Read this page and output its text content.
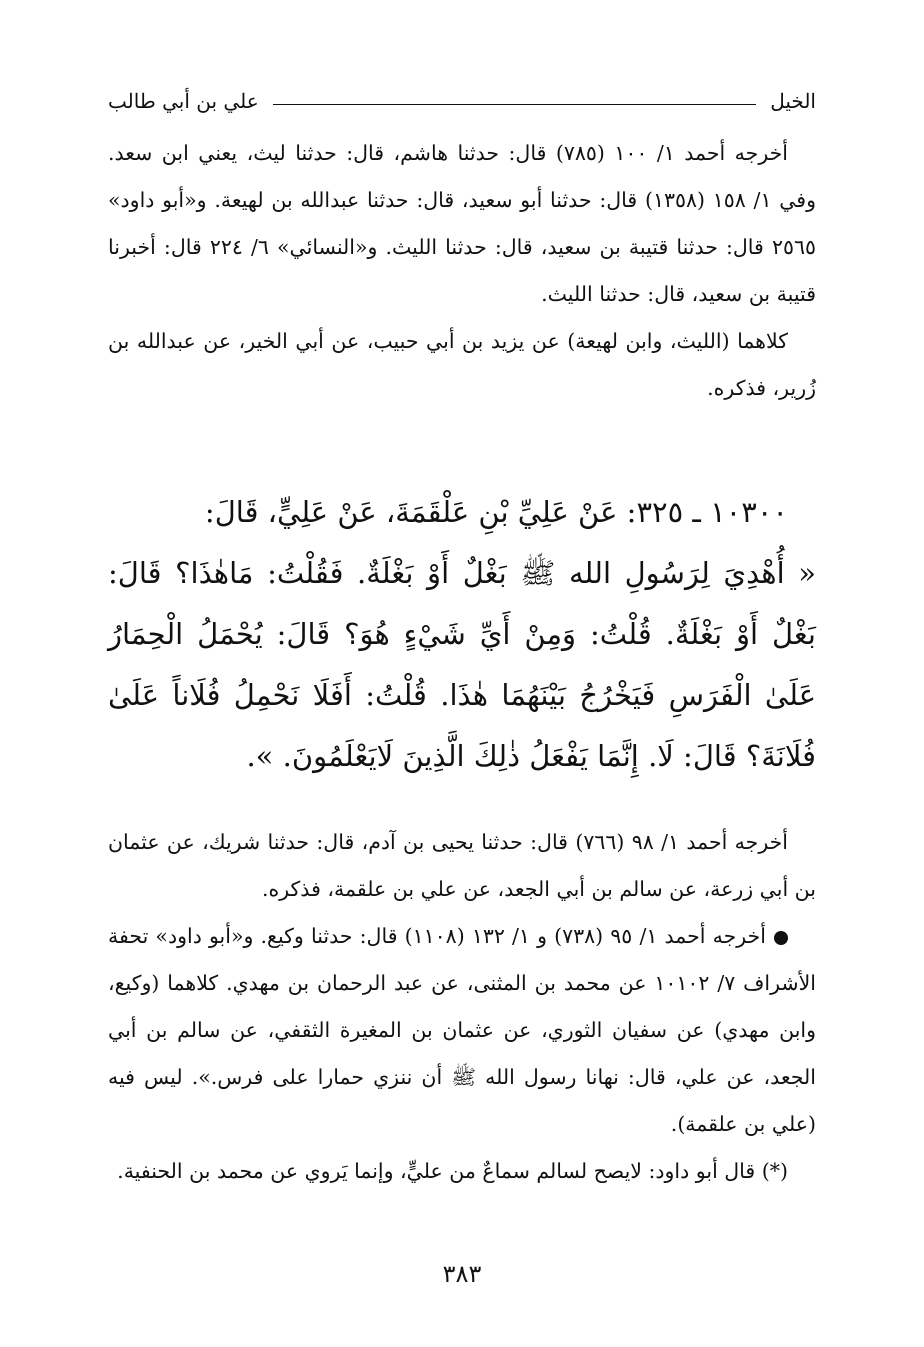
الخيل
علي بن أبي طالب

أخرجه أحمد ١/ ١٠٠ (٧٨٥) قال: حدثنا هاشم، قال: حدثنا ليث، يعني ابن سعد. وفي ١/ ١٥٨ (١٣٥٨) قال: حدثنا أبو سعيد، قال: حدثنا عبدالله بن لهيعة. و«أبو داود» ٢٥٦٥ قال: حدثنا قتيبة بن سعيد، قال: حدثنا الليث. و«النسائي» ٦/ ٢٢٤ قال: أخبرنا قتيبة بن سعيد، قال: حدثنا الليث.

كلاهما (الليث، وابن لهيعة) عن يزيد بن أبي حبيب، عن أبي الخير، عن عبدالله بن زُرير، فذكره.

١٠٣٠٠ ـ ٣٢٥: عَنْ عَلِيِّ بْنِ عَلْقَمَةَ، عَنْ عَلِيٍّ، قَالَ:

« أُهْدِيَ لِرَسُولِ الله ﷺ بَغْلٌ أَوْ بَغْلَةٌ. فَقُلْتُ: مَاهٰذَا؟ قَالَ: بَغْلٌ أَوْ بَغْلَةٌ. قُلْتُ: وَمِنْ أَيِّ شَيْءٍ هُوَ؟ قَالَ: يُحْمَلُ الْحِمَارُ عَلَىٰ الْفَرَسِ فَيَخْرُجُ بَيْنَهُمَا هٰذَا. قُلْتُ: أَفَلَا نَحْمِلُ فُلَاناً عَلَىٰ فُلَانَةَ؟ قَالَ: لَا. إِنَّمَا يَفْعَلُ ذٰلِكَ الَّذِينَ لَايَعْلَمُونَ. ».

أخرجه أحمد ١/ ٩٨ (٧٦٦) قال: حدثنا يحيى بن آدم، قال: حدثنا شريك، عن عثمان بن أبي زرعة، عن سالم بن أبي الجعد، عن علي بن علقمة، فذكره.

أخرجه أحمد ١/ ٩٥ (٧٣٨) و ١/ ١٣٢ (١١٠٨) قال: حدثنا وكيع. و«أبو داود» تحفة الأشراف ٧/ ١٠١٠٢ عن محمد بن المثنى، عن عبد الرحمان بن مهدي. كلاهما (وكيع، وابن مهدي) عن سفيان الثوري، عن عثمان بن المغيرة الثقفي، عن سالم بن أبي الجعد، عن علي، قال: نهانا رسول الله ﷺ أن ننزي حمارا على فرس.». ليس فيه (علي بن علقمة).

(*) قال أبو داود: لايصح لسالم سماعٌ من عليٍّ، وإنما يَروي عن محمد بن الحنفية.

٣٨٣
